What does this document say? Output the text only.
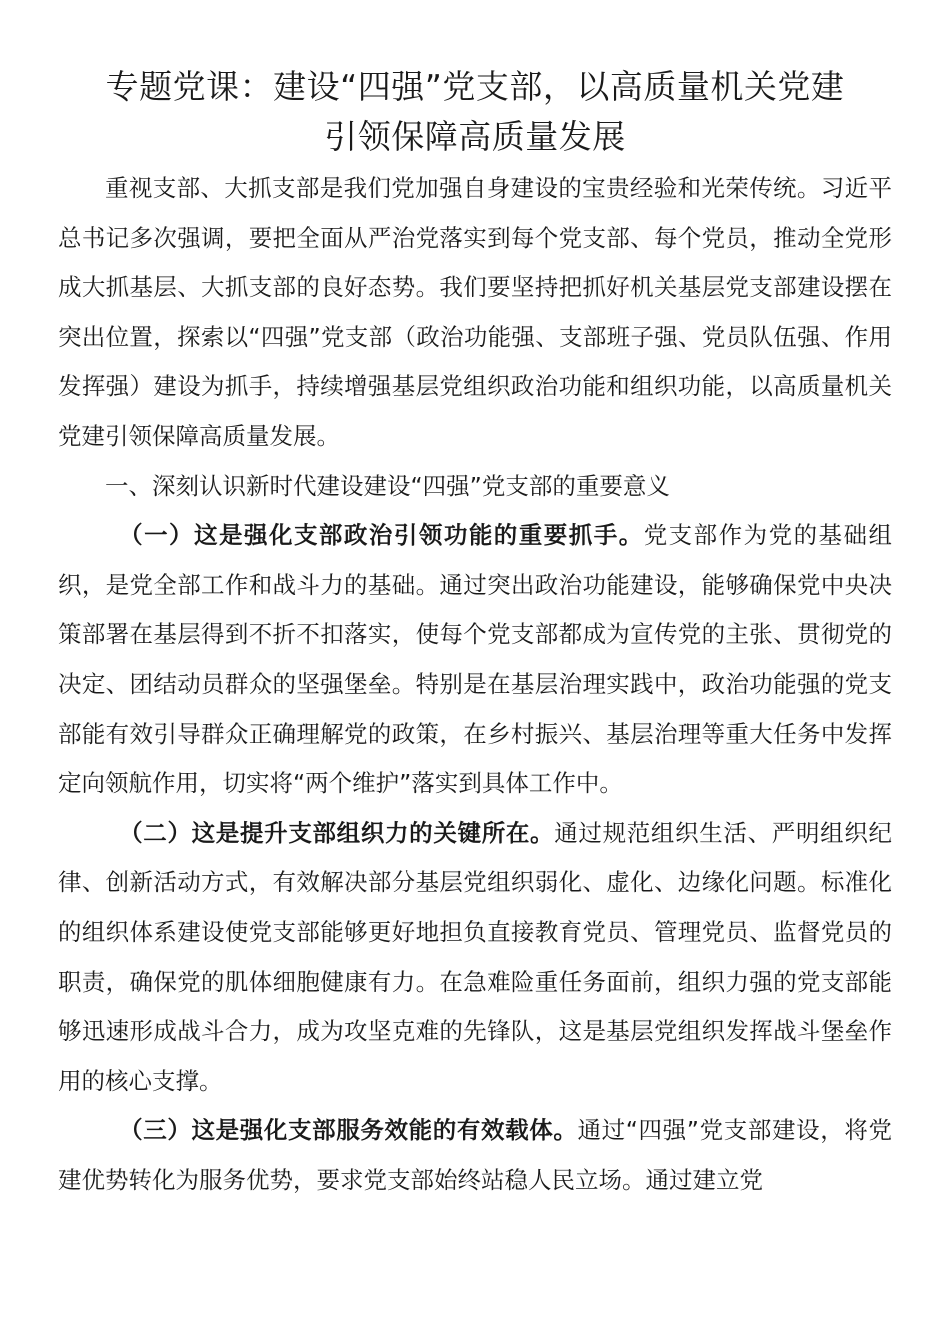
专题党课：建设“四强”党支部，以高质量机关党建
引领保障高质量发展

重视支部、大抓支部是我们党加强自身建设的宝贵经验和光荣传统。习近平总书记多次强调，要把全面从严治党落实到每个党支部、每个党员，推动全党形成大抓基层、大抓支部的良好态势。我们要坚持把抓好机关基层党支部建设摆在突出位置，探索以“四强”党支部（政治功能强、支部班子强、党员队伍强、作用发挥强）建设为抓手，持续增强基层党组织政治功能和组织功能，以高质量机关党建引领保障高质量发展。

一、深刻认识新时代建设建设“四强”党支部的重要意义

（一）这是强化支部政治引领功能的重要抓手。党支部作为党的基础组织，是党全部工作和战斗力的基础。通过突出政治功能建设，能够确保党中央决策部署在基层得到不折不扣落实，使每个党支部都成为宣传党的主张、贯彻党的决定、团结动员群众的坚强堡垒。特别是在基层治理实践中，政治功能强的党支部能有效引导群众正确理解党的政策，在乡村振兴、基层治理等重大任务中发挥定向领航作用，切实将“两个维护”落实到具体工作中。

（二）这是提升支部组织力的关键所在。通过规范组织生活、严明组织纪律、创新活动方式，有效解决部分基层党组织弱化、虚化、边缘化问题。标准化的组织体系建设使党支部能够更好地担负直接教育党员、管理党员、监督党员的职责，确保党的肌体细胞健康有力。在急难险重任务面前，组织力强的党支部能够迅速形成战斗合力，成为攻坚克难的先锋队，这是基层党组织发挥战斗堡垒作用的核心支撑。

（三）这是强化支部服务效能的有效载体。通过“四强”党支部建设，将党建优势转化为服务优势，要求党支部始终站稳人民立场。通过建立党
